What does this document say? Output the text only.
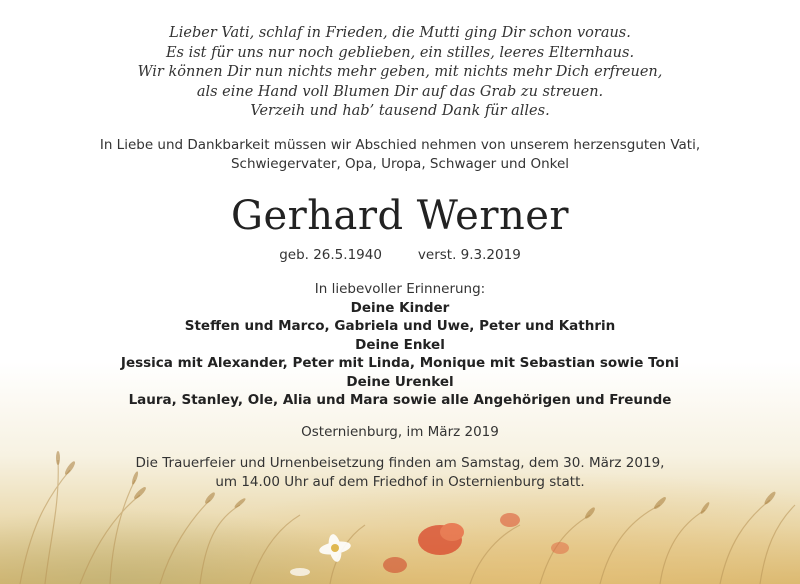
Lieber Vati, schlaf in Frieden, die Mutti ging Dir schon voraus.
Es ist für uns nur noch geblieben, ein stilles, leeres Elternhaus.
Wir können Dir nun nichts mehr geben, mit nichts mehr Dich erfreuen,
als eine Hand voll Blumen Dir auf das Grab zu streuen.
Verzeih und hab’ tausend Dank für alles.
In Liebe und Dankbarkeit müssen wir Abschied nehmen von unserem herzensguten Vati,
Schwiegervater, Opa, Uropa, Schwager und Onkel
Gerhard Werner
geb. 26.5.1940	verst. 9.3.2019
In liebevoller Erinnerung:
Deine Kinder
Steffen und Marco, Gabriela und Uwe, Peter und Kathrin
Deine Enkel
Jessica mit Alexander, Peter mit Linda, Monique mit Sebastian sowie Toni
Deine Urenkel
Laura, Stanley, Ole, Alia und Mara sowie alle Angehörigen und Freunde
Osternienburg, im März 2019
Die Trauerfeier und Urnenbeisetzung finden am Samstag, dem 30. März 2019,
um 14.00 Uhr auf dem Friedhof in Osternienburg statt.
